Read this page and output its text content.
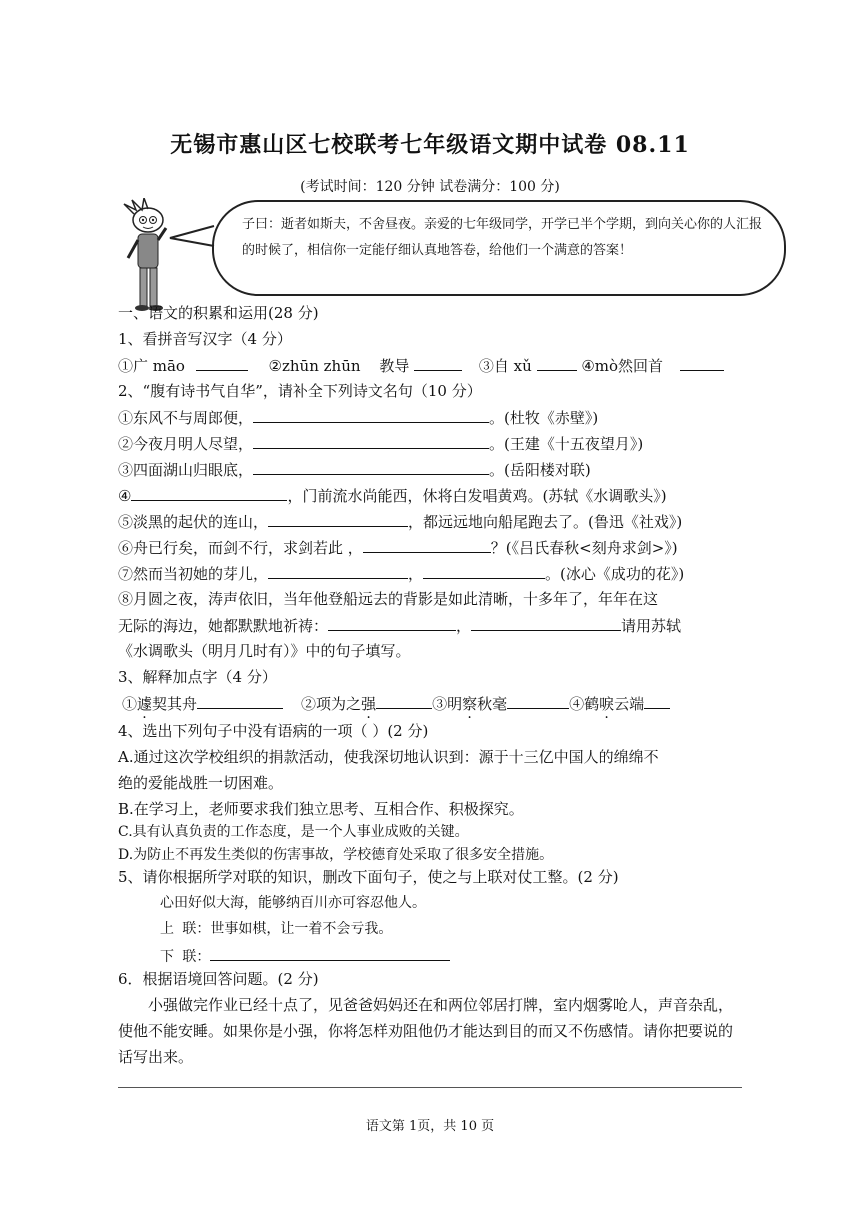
无锡市惠山区七校联考七年级语文期中试卷 08.11
(考试时间：120 分钟 试卷满分：100 分)
子曰：逝者如斯夫，不舍昼夜。亲爱的七年级同学，开学已半个学期，到向关心你的人汇报的时候了，相信你一定能仔细认真地答卷，给他们一个满意的答案！
一、语文的积累和运用(28 分)
1、看拼音写汉字（4 分）
①广 māo	②zhūn zhūn 教导	③自 xǔ	④mò然回首
2、“腹有诗书气自华”，请补全下列诗文名句（10 分）
①东风不与周郎便，	。(杜牧《赤壁》)
②今夜月明人尽望，	。(王建《十五夜望月》)
③四面湖山归眼底，	。(岳阳楼对联)
④	，门前流水尚能西，休将白发唱黄鸡。(苏轼《水调歌头》)
⑤淡黑的起伏的连山，	，都远远地向船尾跑去了。(鲁迅《社戏》)
⑥舟已行矣，而剑不行，求剑若此 ，	？(《吕氏春秋<刻舟求剑>》)
⑦然而当初她的芽儿，	，	。(冰心《成功的花》)
⑧月圆之夜，涛声依旧，当年他登船远去的背影是如此清晰，十多年了，年年在这
无际的海边，她都默默地祈祷：	，	请用苏轼
《水调歌头（明月几时有）》中的句子填写。
3、解释加点字（4 分）
①遽契其舟	②项为之强	③明察秋毫	④鹤唳云端
4、选出下列句子中没有语病的一项（ ）(2 分)
A.通过这次学校组织的捐款活动，使我深切地认识到：源于十三亿中国人的绵绵不
绝的爱能战胜一切困难。
B.在学习上，老师要求我们独立思考、互相合作、积极探究。
C.具有认真负责的工作态度，是一个人事业成败的关键。
D.为防止不再发生类似的伤害事故，学校德育处采取了很多安全措施。
5、请你根据所学对联的知识，删改下面句子，使之与上联对仗工整。(2 分)
心田好似大海，能够纳百川亦可容忍他人。
上 联：世事如棋，让一着不会亏我。
下 联：
6．根据语境回答问题。(2 分)
小强做完作业已经十点了，见爸爸妈妈还在和两位邻居打牌，室内烟雾呛人，声音杂乱，使他不能安睡。如果你是小强，你将怎样劝阻他仍才能达到目的而又不伤感情。请你把要说的话写出来。
语文第 1页，共 10 页
